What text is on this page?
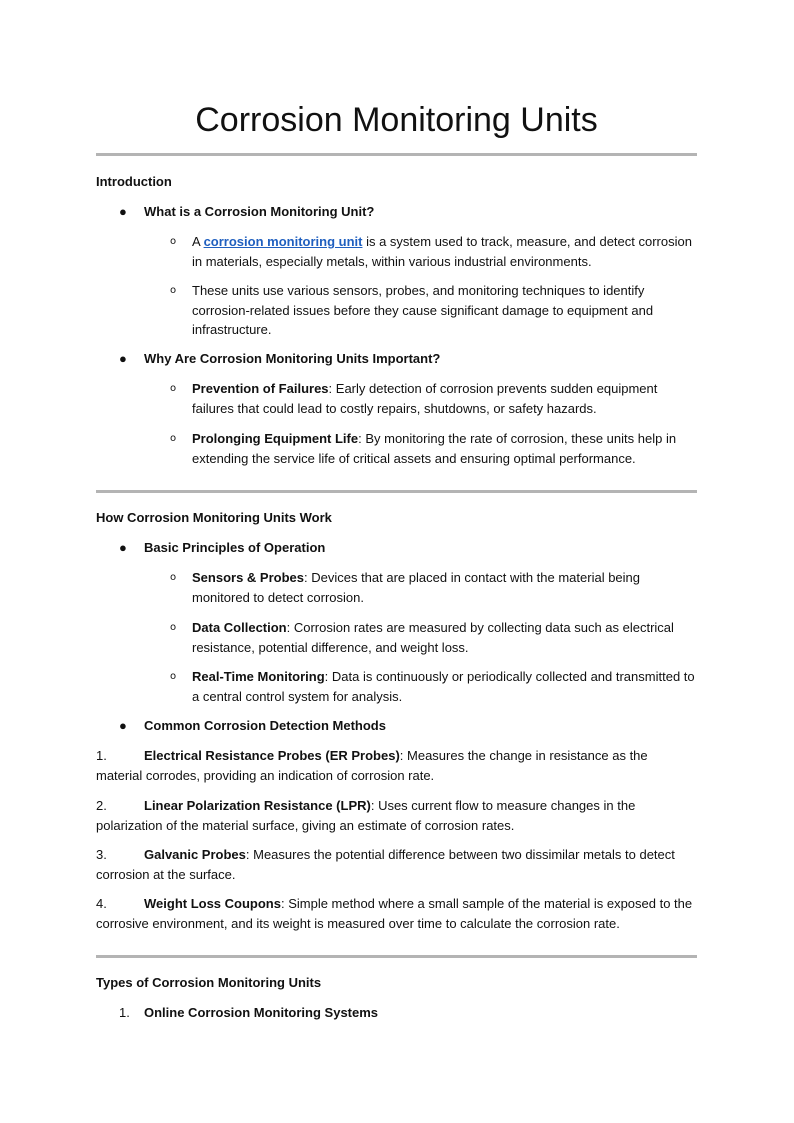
Corrosion Monitoring Units
Introduction
● What is a Corrosion Monitoring Unit?
o A corrosion monitoring unit is a system used to track, measure, and detect corrosion in materials, especially metals, within various industrial environments.
o These units use various sensors, probes, and monitoring techniques to identify corrosion-related issues before they cause significant damage to equipment and infrastructure.
● Why Are Corrosion Monitoring Units Important?
o Prevention of Failures: Early detection of corrosion prevents sudden equipment failures that could lead to costly repairs, shutdowns, or safety hazards.
o Prolonging Equipment Life: By monitoring the rate of corrosion, these units help in extending the service life of critical assets and ensuring optimal performance.
How Corrosion Monitoring Units Work
● Basic Principles of Operation
o Sensors & Probes: Devices that are placed in contact with the material being monitored to detect corrosion.
o Data Collection: Corrosion rates are measured by collecting data such as electrical resistance, potential difference, and weight loss.
o Real-Time Monitoring: Data is continuously or periodically collected and transmitted to a central control system for analysis.
● Common Corrosion Detection Methods
1.	Electrical Resistance Probes (ER Probes): Measures the change in resistance as the material corrodes, providing an indication of corrosion rate.

2.	Linear Polarization Resistance (LPR): Uses current flow to measure changes in the polarization of the material surface, giving an estimate of corrosion rates.

3.	Galvanic Probes: Measures the potential difference between two dissimilar metals to detect corrosion at the surface.

4.	Weight Loss Coupons: Simple method where a small sample of the material is exposed to the corrosive environment, and its weight is measured over time to calculate the corrosion rate.

Types of Corrosion Monitoring Units
1. Online Corrosion Monitoring Systems
